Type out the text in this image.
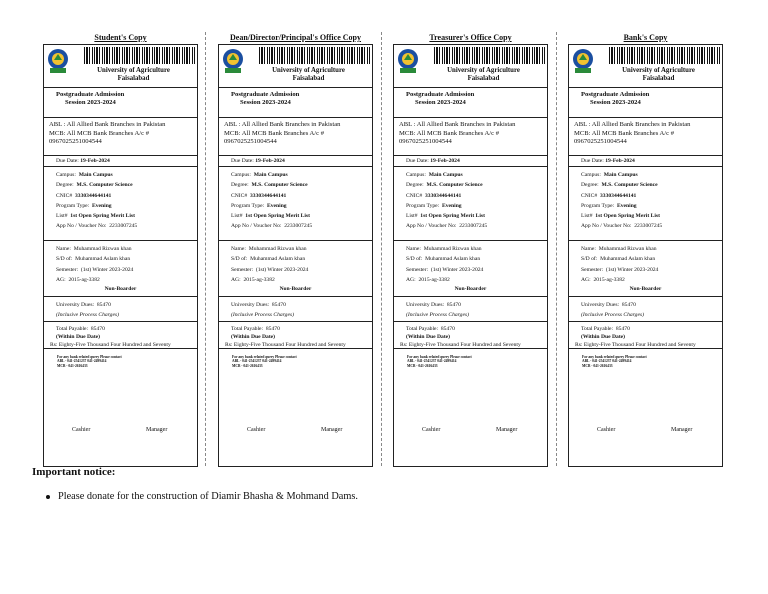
Student's Copy
University of Agriculture
Faisalabad
Postgraduate Admission
Session 2023-2024
ABL : All Allied Bank Branches in Pakistan
MCB: All MCB Bank Branches A/c #
0967025251004544
Due Date: 19-Feb-2024
Campus: Main Campus
Degree: M.S. Computer Science
CNIC# 3330344644141
Program Type: Evening
List# 1st Open Spring Merit List
App No / Voucher No: 2233007245
Name: Muhammad Rizwan khan
S/D of: Muhammad Aslam khan
Semester: (1st) Winter 2023-2024
AG: 2015-ag-3382
Non-Boarder
University Dues: 85470
(Inclusive Process Charges)
Total Payable: 85470
(Within Due Date)
Rs: Eighty-Five Thousand Four Hundred and Seventy
For any bank related query Please contact
ABL - 041-2541237 041-2499414
MCB - 041-2616433
Cashier	Manager
Dean/Director/Principal's Office Copy
University of Agriculture
Faisalabad
Postgraduate Admission
Session 2023-2024
ABL : All Allied Bank Branches in Pakistan
MCB: All MCB Bank Branches A/c #
0967025251004544
Due Date: 19-Feb-2024
Campus: Main Campus
Degree: M.S. Computer Science
CNIC# 3330344644141
Program Type: Evening
List# 1st Open Spring Merit List
App No / Voucher No: 2233007245
Name: Muhammad Rizwan khan
S/D of: Muhammad Aslam khan
Semester: (1st) Winter 2023-2024
AG: 2015-ag-3382
Non-Boarder
University Dues: 85470
(Inclusive Process Charges)
Total Payable: 85470
(Within Due Date)
Rs: Eighty-Five Thousand Four Hundred and Seventy
For any bank related query Please contact
ABL - 041-2541237 041-2499414
MCB - 041-2616433
Cashier	Manager
Treasurer's Office Copy
University of Agriculture
Faisalabad
Postgraduate Admission
Session 2023-2024
ABL : All Allied Bank Branches in Pakistan
MCB: All MCB Bank Branches A/c #
0967025251004544
Due Date: 19-Feb-2024
Campus: Main Campus
Degree: M.S. Computer Science
CNIC# 3330344644141
Program Type: Evening
List# 1st Open Spring Merit List
App No / Voucher No: 2233007245
Name: Muhammad Rizwan khan
S/D of: Muhammad Aslam khan
Semester: (1st) Winter 2023-2024
AG: 2015-ag-3382
Non-Boarder
University Dues: 85470
(Inclusive Process Charges)
Total Payable: 85470
(Within Due Date)
Rs: Eighty-Five Thousand Four Hundred and Seventy
For any bank related query Please contact
ABL - 041-2541237 041-2499414
MCB - 041-2616433
Cashier	Manager
Bank's Copy
University of Agriculture
Faisalabad
Postgraduate Admission
Session 2023-2024
ABL : All Allied Bank Branches in Pakistan
MCB: All MCB Bank Branches A/c #
0967025251004544
Due Date: 19-Feb-2024
Campus: Main Campus
Degree: M.S. Computer Science
CNIC# 3330344644141
Program Type: Evening
List# 1st Open Spring Merit List
App No / Voucher No: 2233007245
Name: Muhammad Rizwan khan
S/D of: Muhammad Aslam khan
Semester: (1st) Winter 2023-2024
AG: 2015-ag-3382
Non-Boarder
University Dues: 85470
(Inclusive Process Charges)
Total Payable: 85470
(Within Due Date)
Rs: Eighty-Five Thousand Four Hundred and Seventy
For any bank related query Please contact
ABL - 041-2541237 041-2499414
MCB - 041-2616433
Cashier	Manager
Important notice:
Please donate for the construction of Diamir Bhasha & Mohmand Dams.
